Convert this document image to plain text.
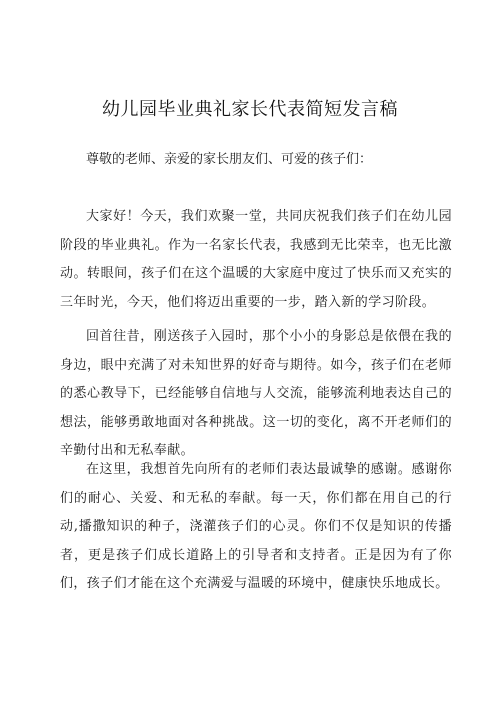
幼儿园毕业典礼家长代表简短发言稿

尊敬的老师、亲爱的家长朋友们、可爱的孩子们：

大家好！今天，我们欢聚一堂，共同庆祝我们孩子们在幼儿园阶段的毕业典礼。作为一名家长代表，我感到无比荣幸，也无比激动。转眼间，孩子们在这个温暖的大家庭中度过了快乐而又充实的三年时光，今天，他们将迈出重要的一步，踏入新的学习阶段。

回首往昔，刚送孩子入园时，那个小小的身影总是依偎在我的身边，眼中充满了对未知世界的好奇与期待。如今，孩子们在老师的悉心教导下，已经能够自信地与人交流，能够流利地表达自己的想法，能够勇敢地面对各种挑战。这一切的变化，离不开老师们的辛勤付出和无私奉献。

在这里，我想首先向所有的老师们表达最诚挚的感谢。感谢你们的耐心、关爱、和无私的奉献。每一天，你们都在用自己的行动,播撒知识的种子，浇灌孩子们的心灵。你们不仅是知识的传播者，更是孩子们成长道路上的引导者和支持者。正是因为有了你们，孩子们才能在这个充满爱与温暖的环境中，健康快乐地成长。
